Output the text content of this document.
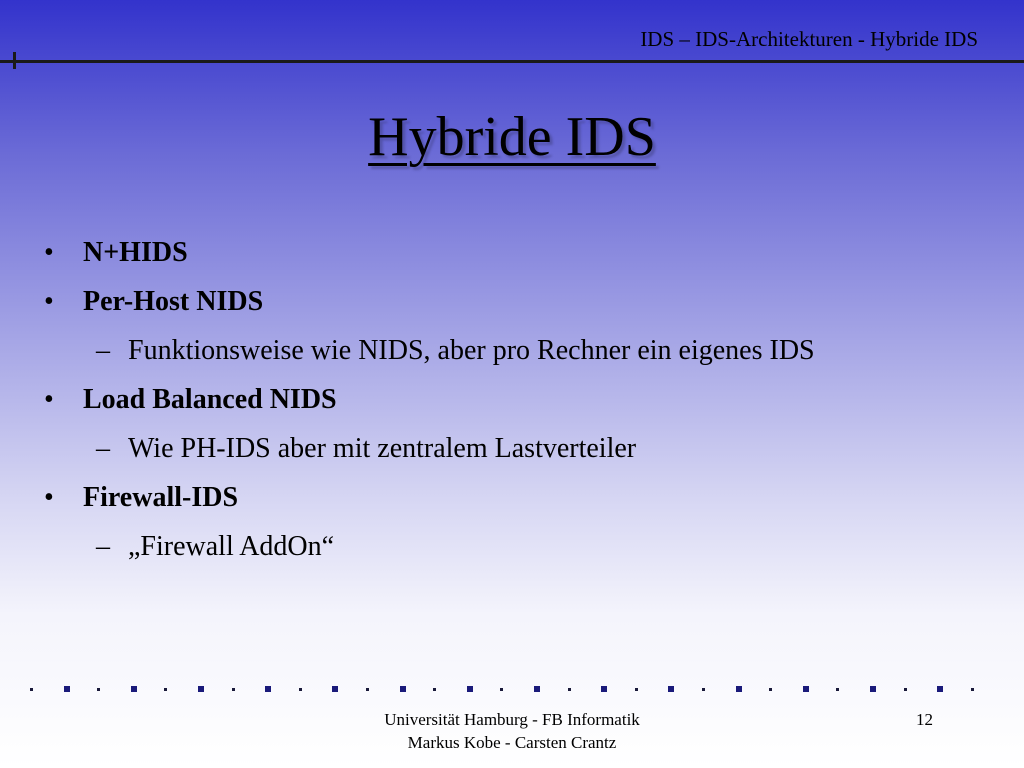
IDS – IDS-Architekturen - Hybride IDS
Hybride IDS
• N+HIDS
• Per-Host NIDS
– Funktionsweise wie NIDS, aber pro Rechner ein eigenes IDS
• Load Balanced NIDS
– Wie PH-IDS aber mit zentralem Lastverteiler
• Firewall-IDS
– „Firewall AddOn“
Universität Hamburg - FB Informatik
Markus Kobe - Carsten Crantz
12
